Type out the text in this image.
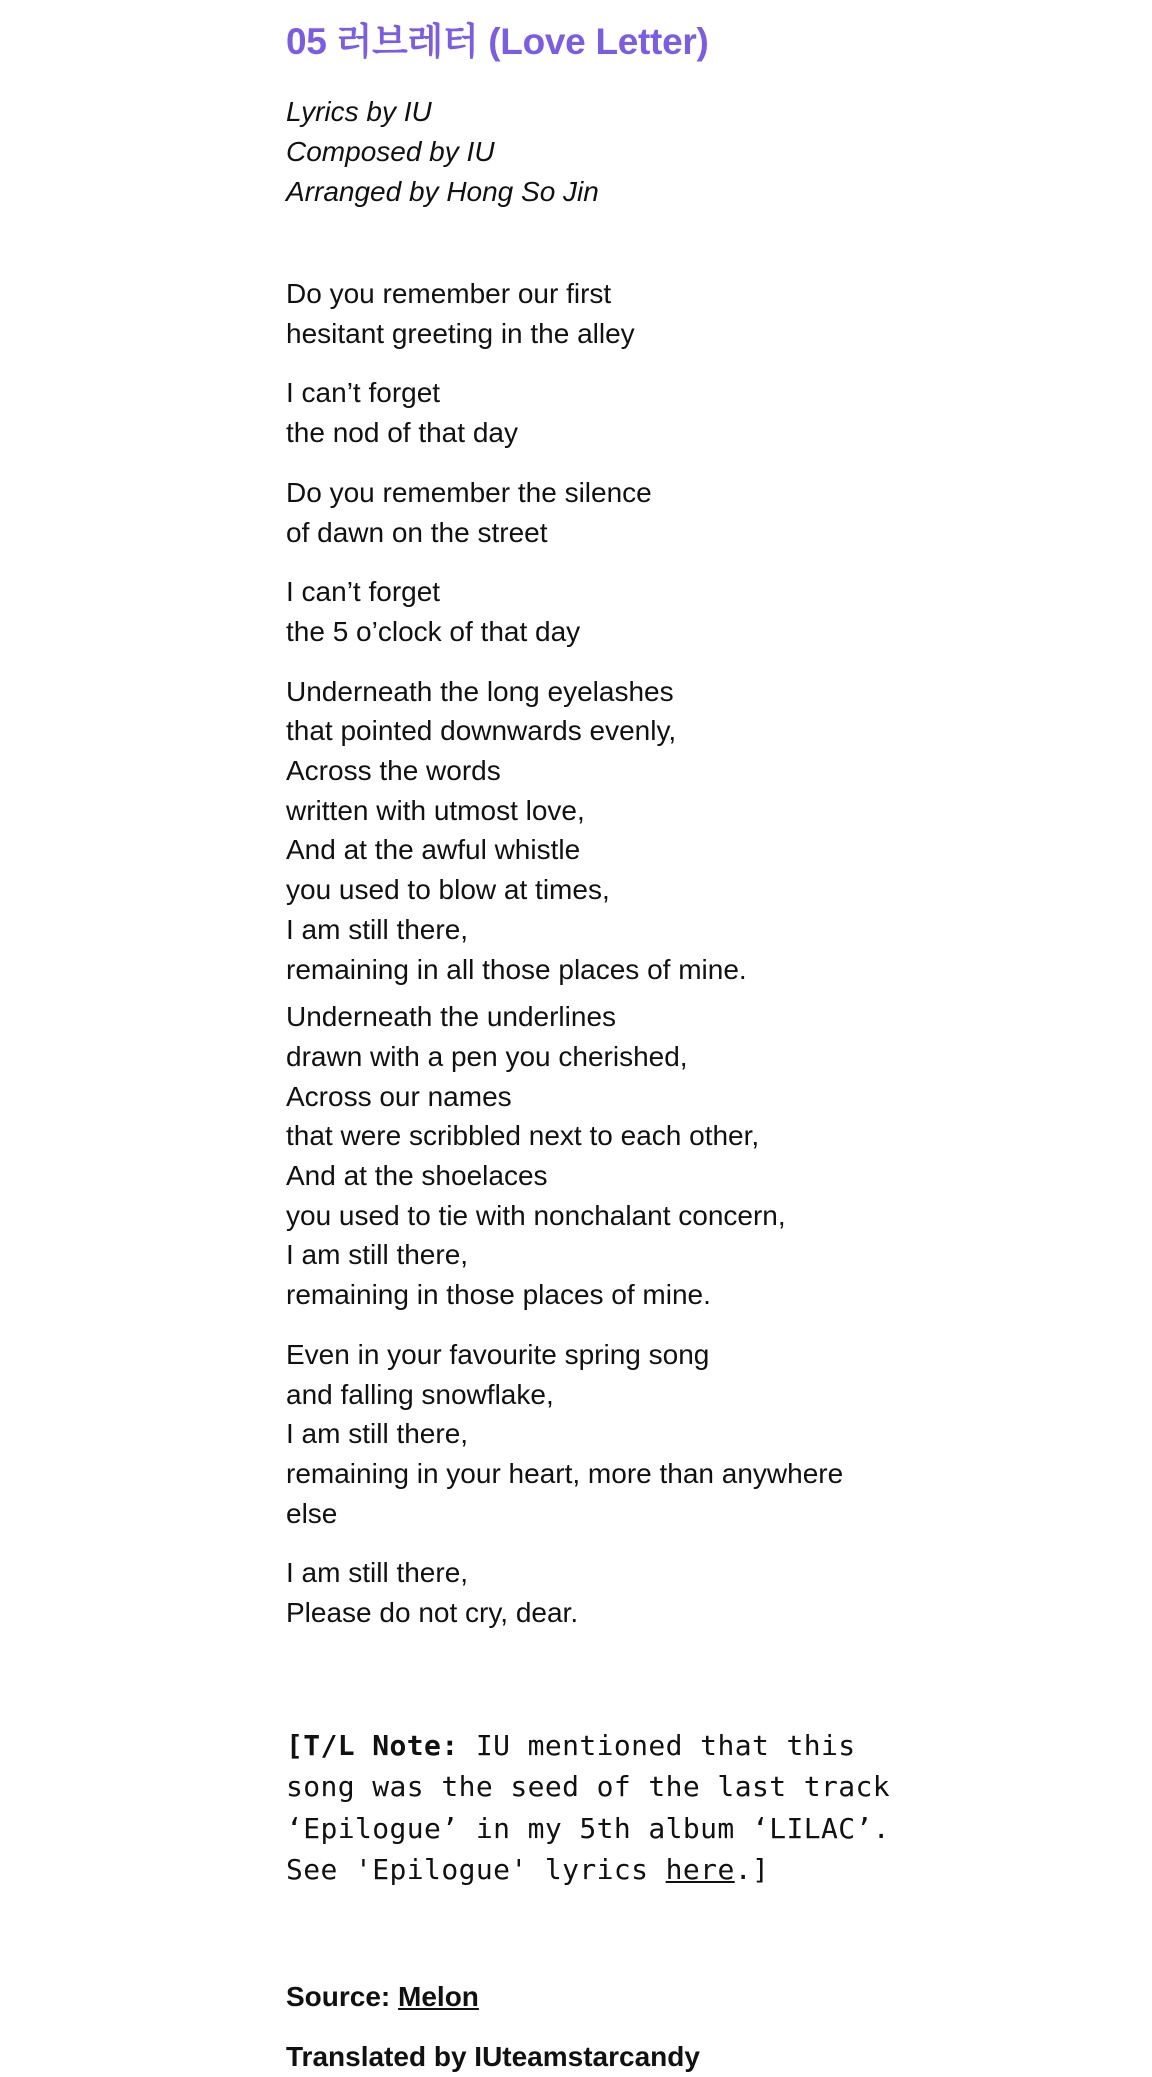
05 러브레터 (Love Letter)
Lyrics by IU
Composed by IU
Arranged by Hong So Jin
Do you remember our first
hesitant greeting in the alley
I can’t forget
the nod of that day
Do you remember the silence
of dawn on the street
I can’t forget
the 5 o’clock of that day
Underneath the long eyelashes
that pointed downwards evenly,
Across the words
written with utmost love,
And at the awful whistle
you used to blow at times,
I am still there,
remaining in all those places of mine.
Underneath the underlines
drawn with a pen you cherished,
Across our names
that were scribbled next to each other,
And at the shoelaces
you used to tie with nonchalant concern,
I am still there,
remaining in those places of mine.
Even in your favourite spring song
and falling snowflake,
I am still there,
remaining in your heart, more than anywhere
else
I am still there,
Please do not cry, dear.
[T/L Note: IU mentioned that this
song was the seed of the last track
‘Epilogue’ in my 5th album ‘LILAC’.
See 'Epilogue' lyrics here.]
Source: Melon
Translated by IUteamstarcandy
